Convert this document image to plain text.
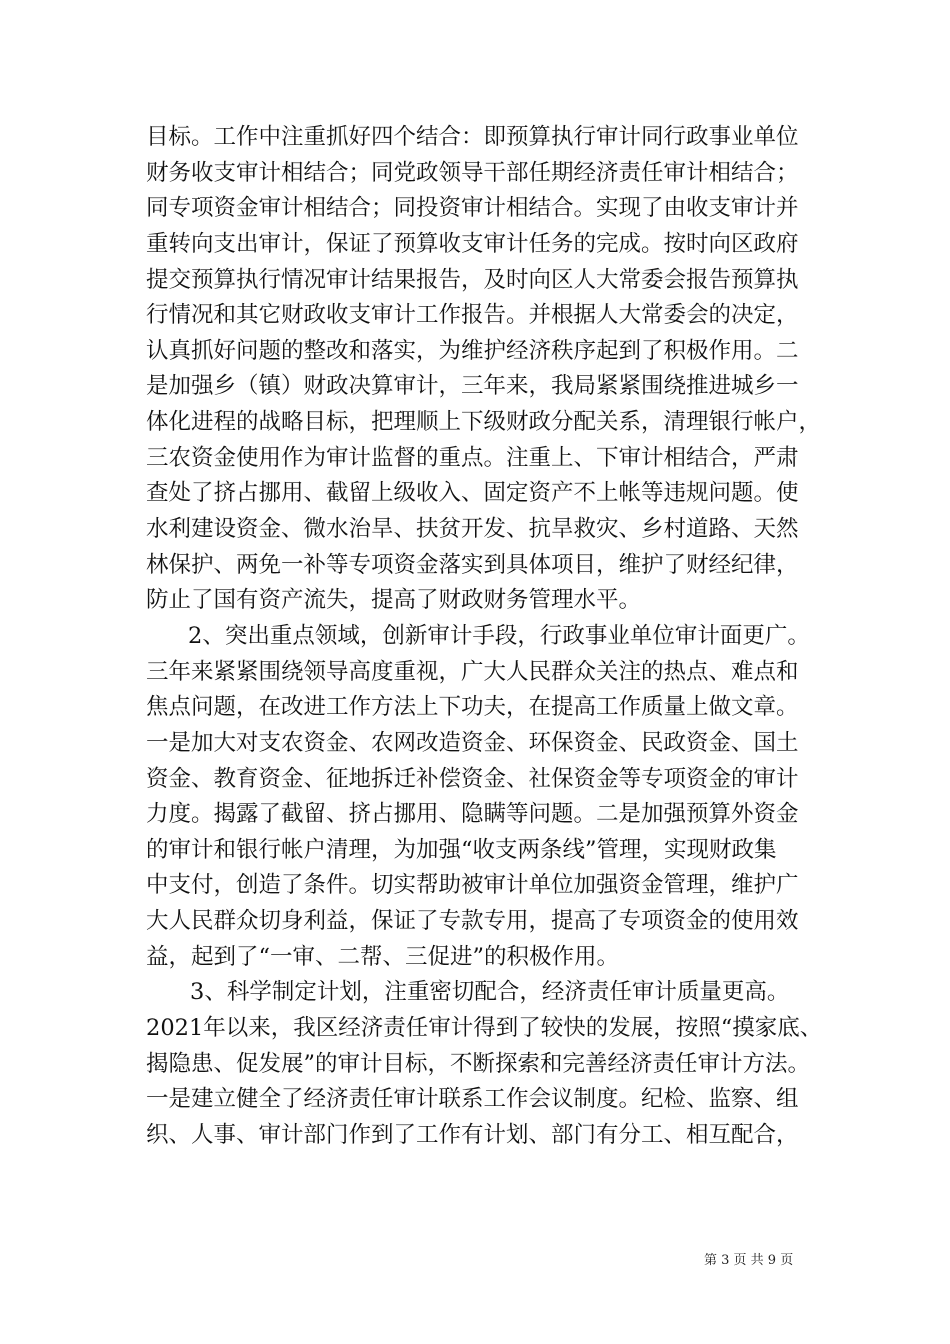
目标。工作中注重抓好四个结合：即预算执行审计同行政事业单位
财务收支审计相结合；同党政领导干部任期经济责任审计相结合；
同专项资金审计相结合；同投资审计相结合。实现了由收支审计并
重转向支出审计，保证了预算收支审计任务的完成。按时向区政府
提交预算执行情况审计结果报告，及时向区人大常委会报告预算执
行情况和其它财政收支审计工作报告。并根据人大常委会的决定，
认真抓好问题的整改和落实，为维护经济秩序起到了积极作用。二
是加强乡（镇）财政决算审计，三年来，我局紧紧围绕推进城乡一
体化进程的战略目标，把理顺上下级财政分配关系，清理银行帐户，
三农资金使用作为审计监督的重点。注重上、下审计相结合，严肃
查处了挤占挪用、截留上级收入、固定资产不上帐等违规问题。使
水利建设资金、微水治旱、扶贫开发、抗旱救灾、乡村道路、天然
林保护、两免一补等专项资金落实到具体项目，维护了财经纪律，
防止了国有资产流失，提高了财政财务管理水平。
2、突出重点领域，创新审计手段，行政事业单位审计面更广。
三年来紧紧围绕领导高度重视，广大人民群众关注的热点、难点和
焦点问题，在改进工作方法上下功夫，在提高工作质量上做文章。
一是加大对支农资金、农网改造资金、环保资金、民政资金、国土
资金、教育资金、征地拆迁补偿资金、社保资金等专项资金的审计
力度。揭露了截留、挤占挪用、隐瞒等问题。二是加强预算外资金
的审计和银行帐户清理，为加强“收支两条线”管理，实现财政集
中支付，创造了条件。切实帮助被审计单位加强资金管理，维护广
大人民群众切身利益，保证了专款专用，提高了专项资金的使用效
益，起到了“一审、二帮、三促进”的积极作用。
3、科学制定计划，注重密切配合，经济责任审计质量更高。
2021年以来，我区经济责任审计得到了较快的发展，按照“摸家底、
揭隐患、促发展”的审计目标，不断探索和完善经济责任审计方法。
一是建立健全了经济责任审计联系工作会议制度。纪检、监察、组
织、人事、审计部门作到了工作有计划、部门有分工、相互配合，
第 3 页 共 9 页
